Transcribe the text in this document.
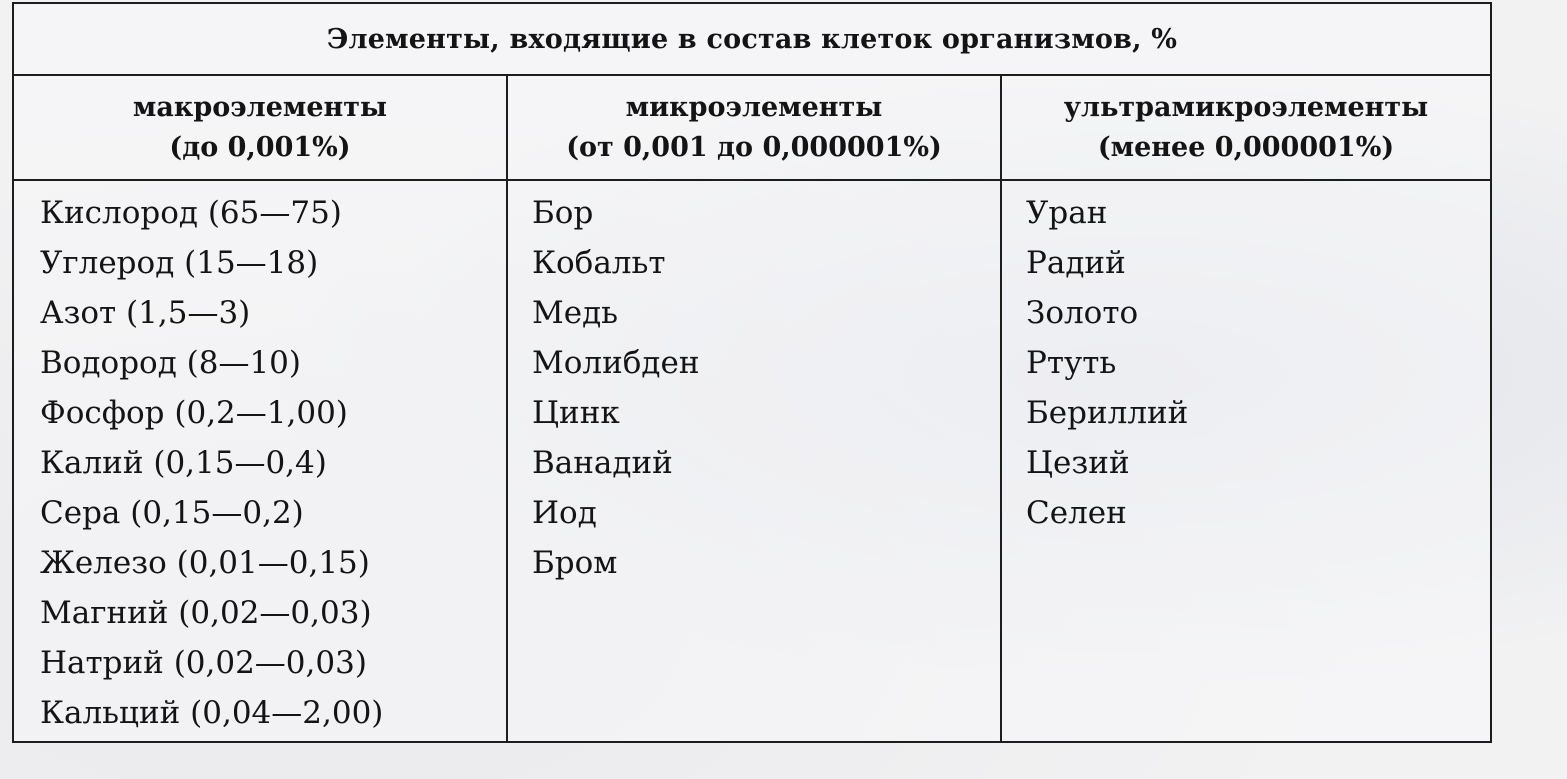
Элементы, входящие в состав клеток организмов, %
макроэлементы
(до 0,001%)
микроэлементы
(от 0,001 до 0,000001%)
ультрамикроэлементы
(менее 0,000001%)
Кислород (65—75)
Углерод (15—18)
Азот (1,5—3)
Водород (8—10)
Фосфор (0,2—1,00)
Калий (0,15—0,4)
Сера (0,15—0,2)
Железо (0,01—0,15)
Магний (0,02—0,03)
Натрий (0,02—0,03)
Кальций (0,04—2,00)
Бор
Кобальт
Медь
Молибден
Цинк
Ванадий
Иод
Бром
Уран
Радий
Золото
Ртуть
Бериллий
Цезий
Селен
